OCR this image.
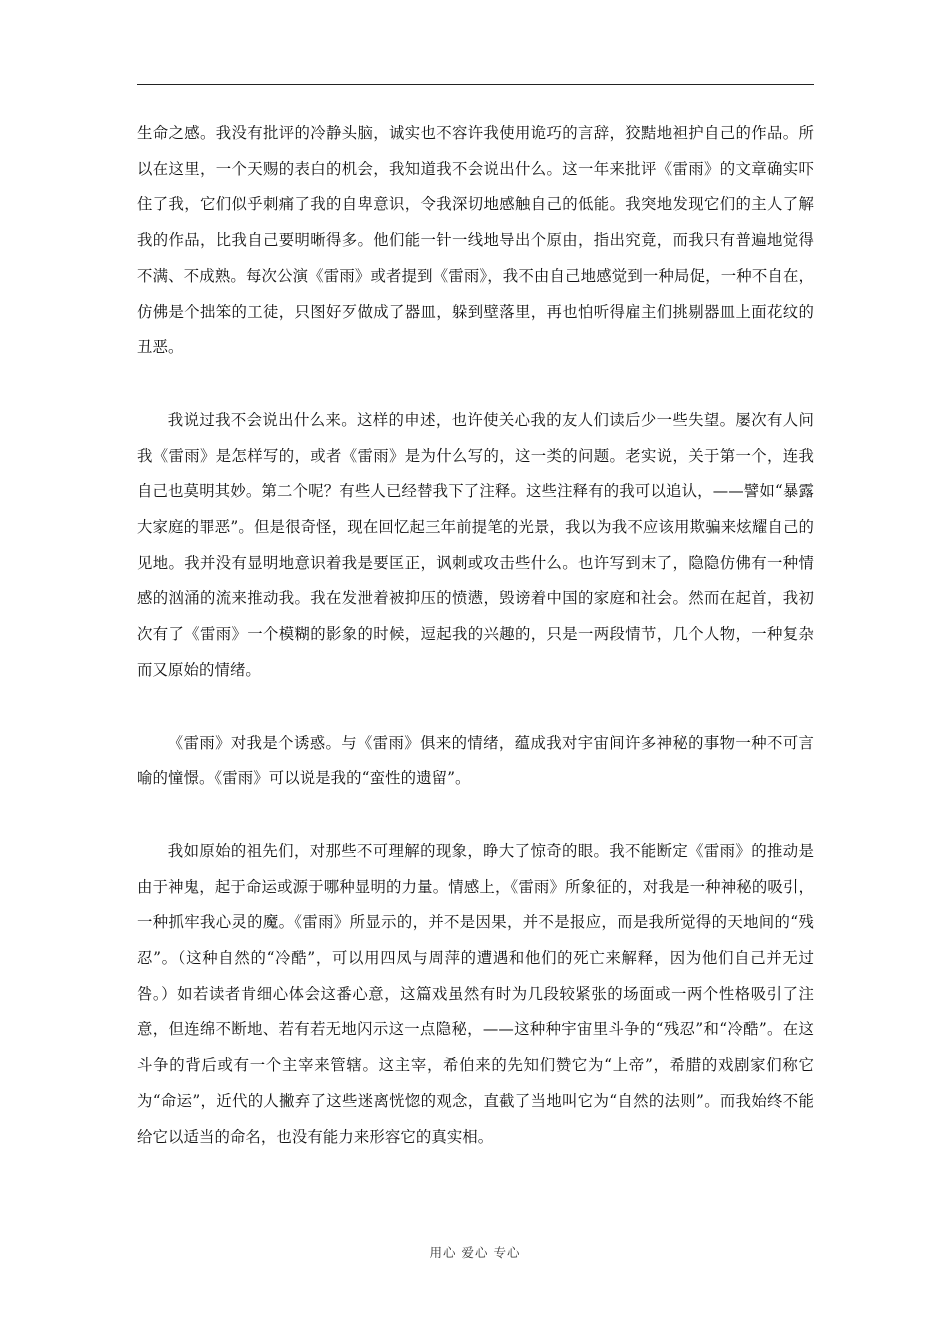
生命之感。我没有批评的冷静头脑，诚实也不容许我使用诡巧的言辞，狡黠地袒护自己的作品。所以在这里，一个天赐的表白的机会，我知道我不会说出什么。这一年来批评《雷雨》的文章确实吓住了我，它们似乎刺痛了我的自卑意识，令我深切地感触自己的低能。我突地发现它们的主人了解我的作品，比我自己要明晰得多。他们能一针一线地导出个原由，指出究竟，而我只有普遍地觉得不满、不成熟。每次公演《雷雨》或者提到《雷雨》，我不由自己地感觉到一种局促，一种不自在，仿佛是个拙笨的工徒，只图好歹做成了器皿，躲到壁落里，再也怕听得雇主们挑剔器皿上面花纹的丑恶。

我说过我不会说出什么来。这样的申述，也许使关心我的友人们读后少一些失望。屡次有人问我《雷雨》是怎样写的，或者《雷雨》是为什么写的，这一类的问题。老实说，关于第一个，连我自己也莫明其妙。第二个呢？有些人已经替我下了注释。这些注释有的我可以追认，——譬如“暴露大家庭的罪恶”。但是很奇怪，现在回忆起三年前提笔的光景，我以为我不应该用欺骗来炫耀自己的见地。我并没有显明地意识着我是要匡正，讽刺或攻击些什么。也许写到末了，隐隐仿佛有一种情感的汹涌的流来推动我。我在发泄着被抑压的愤懑，毁谤着中国的家庭和社会。然而在起首，我初次有了《雷雨》一个模糊的影象的时候，逗起我的兴趣的，只是一两段情节，几个人物，一种复杂而又原始的情绪。

《雷雨》对我是个诱惑。与《雷雨》俱来的情绪，蕴成我对宇宙间许多神秘的事物一种不可言喻的憧憬。《雷雨》可以说是我的“蛮性的遗留”。

我如原始的祖先们，对那些不可理解的现象，睁大了惊奇的眼。我不能断定《雷雨》的推动是由于神鬼，起于命运或源于哪种显明的力量。情感上，《雷雨》所象征的，对我是一种神秘的吸引，一种抓牢我心灵的魔。《雷雨》所显示的，并不是因果，并不是报应，而是我所觉得的天地间的“残忍”。（这种自然的“冷酷”，可以用四凤与周萍的遭遇和他们的死亡来解释，因为他们自己并无过咎。）如若读者肯细心体会这番心意，这篇戏虽然有时为几段较紧张的场面或一两个性格吸引了注意，但连绵不断地、若有若无地闪示这一点隐秘，——这种种宇宙里斗争的“残忍”和“冷酷”。在这斗争的背后或有一个主宰来管辖。这主宰，希伯来的先知们赞它为“上帝”，希腊的戏剧家们称它为“命运”，近代的人撇弃了这些迷离恍惚的观念，直截了当地叫它为“自然的法则”。而我始终不能给它以适当的命名，也没有能力来形容它的真实相。

用心 爱心 专心
